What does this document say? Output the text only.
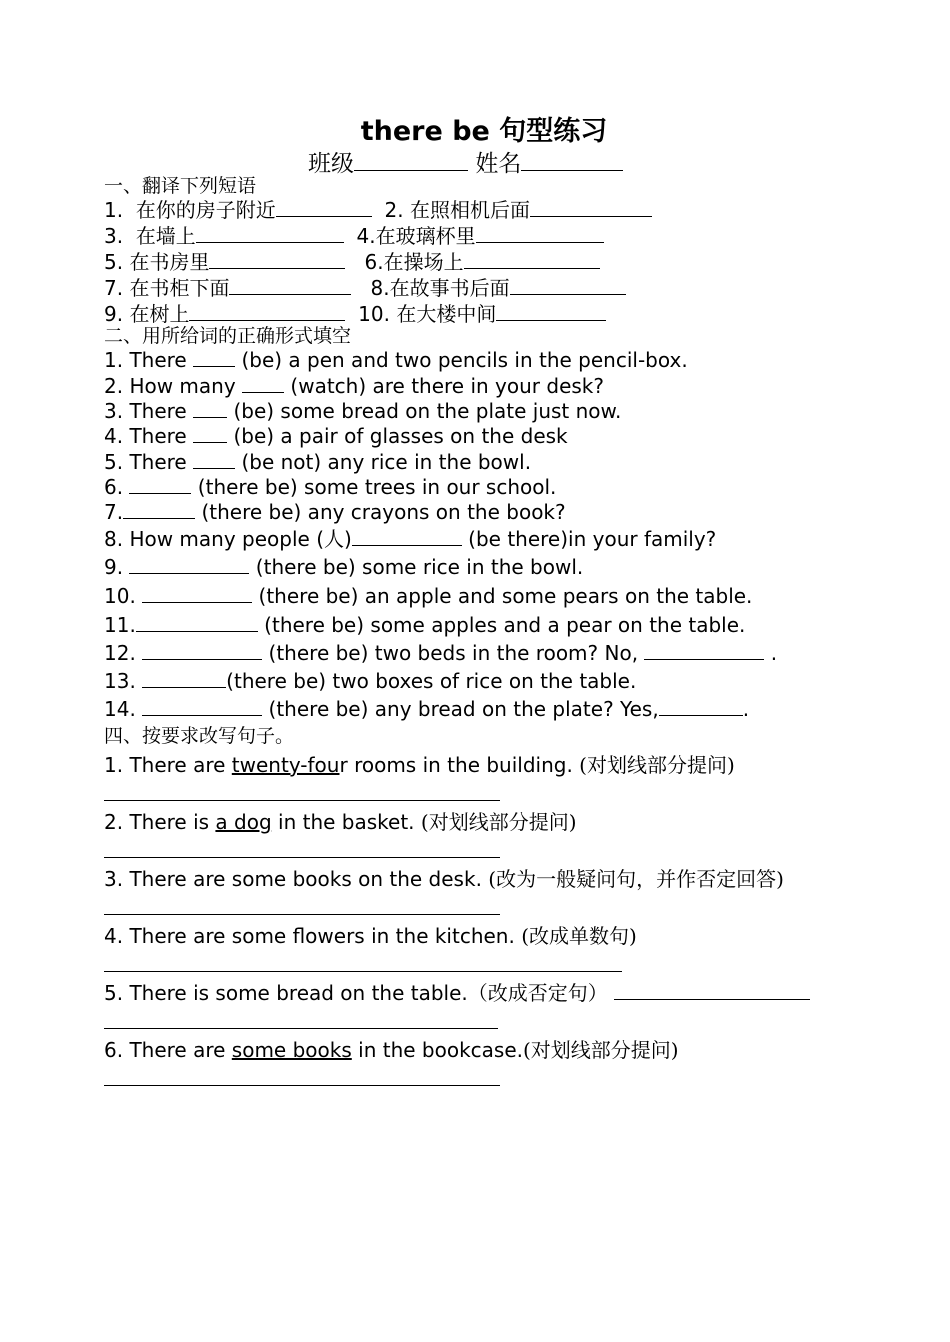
there be 句型练习
班级	姓名
一、翻译下列短语
1. 在你的房子附近	2. 在照相机后面
3. 在墙上	4.在玻璃杯里
5. 在书房里	6.在操场上
7. 在书柜下面	8.在故事书后面
9. 在树上	10. 在大楼中间
二、用所给词的正确形式填空
1. There  (be) a pen and two pencils in the pencil-box.
2. How many  (watch) are there in your desk?
3. There  (be) some bread on the plate just now.
4. There  (be) a pair of glasses on the desk
5. There  (be not) any rice in the bowl.
6.	(there be) some trees in our school.
7.	(there be) any crayons on the book?
8. How many people (人)	(be there)in your family?
9.	(there be) some rice in the bowl.
10.	(there be) an apple and some pears on the table.
11.	(there be) some apples and a pear on the table.
12.	(there be) two beds in the room? No,	.
13.	(there be) two boxes of rice on the table.
14.	(there be) any bread on the plate? Yes,	.
四、按要求改写句子。
1. There are twenty-four rooms in the building. (对划线部分提问)
2. There is a dog in the basket. (对划线部分提问)
3. There are some books on the desk. (改为一般疑问句，并作否定回答)
4. There are some flowers in the kitchen. (改成单数句)
5. There is some bread on the table.（改成否定句）
6. There are some books in the bookcase.(对划线部分提问)
